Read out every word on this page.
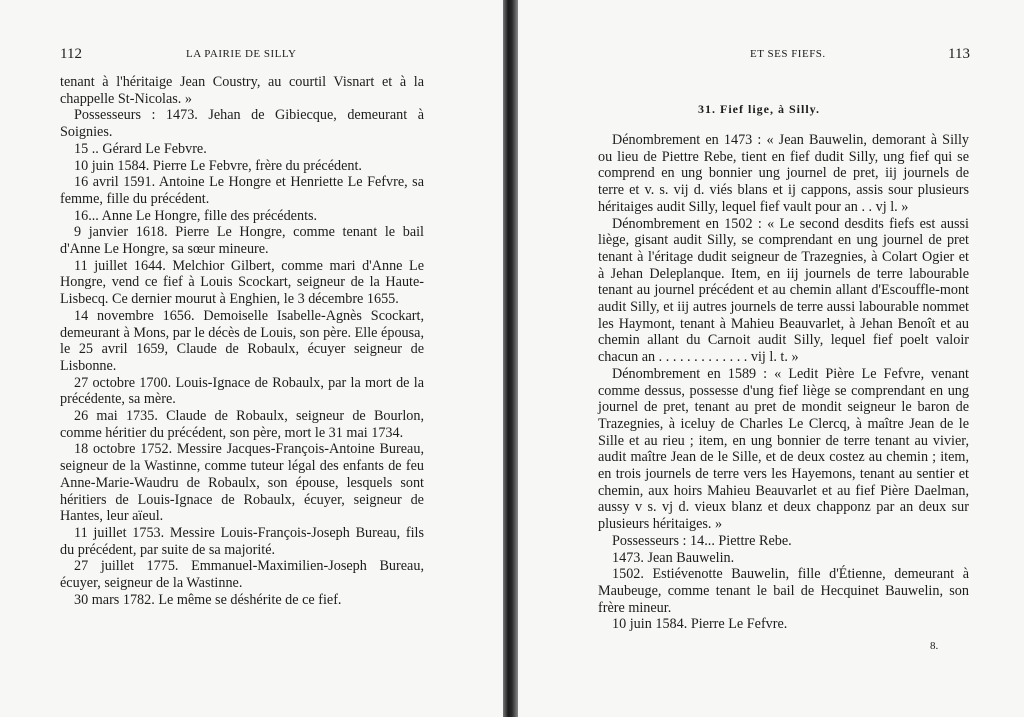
112	LA PAIRIE DE SILLY

tenant à l'héritaige Jean Coustry, au courtil Visnart et à la chappelle St-Nicolas. »

Possesseurs : 1473. Jehan de Gibiecque, demeurant à Soignies.

15 .. Gérard Le Febvre.

10 juin 1584. Pierre Le Febvre, frère du précédent.

16 avril 1591. Antoine Le Hongre et Henriette Le Fefvre, sa femme, fille du précédent.

16... Anne Le Hongre, fille des précédents.

9 janvier 1618. Pierre Le Hongre, comme tenant le bail d'Anne Le Hongre, sa sœur mineure.

11 juillet 1644. Melchior Gilbert, comme mari d'Anne Le Hongre, vend ce fief à Louis Scockart, seigneur de la Haute-Lisbecq. Ce dernier mourut à Enghien, le 3 décembre 1655.

14 novembre 1656. Demoiselle Isabelle-Agnès Scockart, demeurant à Mons, par le décès de Louis, son père. Elle épousa, le 25 avril 1659, Claude de Robaulx, écuyer seigneur de Lisbonne.

27 octobre 1700. Louis-Ignace de Robaulx, par la mort de la précédente, sa mère.

26 mai 1735. Claude de Robaulx, seigneur de Bourlon, comme héritier du précédent, son père, mort le 31 mai 1734.

18 octobre 1752. Messire Jacques-François-Antoine Bureau, seigneur de la Wastinne, comme tuteur légal des enfants de feu Anne-Marie-Waudru de Robaulx, son épouse, lesquels sont héritiers de Louis-Ignace de Robaulx, écuyer, seigneur de Hantes, leur aïeul.

11 juillet 1753. Messire Louis-François-Joseph Bureau, fils du précédent, par suite de sa majorité.

27 juillet 1775. Emmanuel-Maximilien-Joseph Bureau, écuyer, seigneur de la Wastinne.

30 mars 1782. Le même se déshérite de ce fief.

ET SES FIEFS.	113
31. Fief lige, à Silly.

Dénombrement en 1473 : « Jean Bauwelin, demorant à Silly ou lieu de Piettre Rebe, tient en fief dudit Silly, ung fief qui se comprend en ung bonnier ung journel de pret, iij journels de terre et v. s. vij d. viés blans et ij cappons, assis sour plusieurs héritaiges audit Silly, lequel fief vault pour an . . vj l. »

Dénombrement en 1502 : « Le second desdits fiefs est aussi liège, gisant audit Silly, se comprendant en ung journel de pret tenant à l'éritage dudit seigneur de Trazegnies, à Colart Ogier et à Jehan Deleplanque. Item, en iij journels de terre labourable tenant au journel précédent et au chemin allant d'Escouffle-mont audit Silly, et iij autres journels de terre aussi labourable nommet les Haymont, tenant à Mahieu Beauvarlet, à Jehan Benoît et au chemin allant du Carnoit audit Silly, lequel fief poelt valoir chacun an . . . . . . . . . . . . . vij l. t. »

Dénombrement en 1589 : « Ledit Pière Le Fefvre, venant comme dessus, possesse d'ung fief liège se comprendant en ung journel de pret, tenant au pret de mondit seigneur le baron de Trazegnies, à iceluy de Charles Le Clercq, à maître Jean de le Sille et au rieu ; item, en ung bonnier de terre tenant au vivier, audit maître Jean de le Sille, et de deux costez au chemin ; item, en trois journels de terre vers les Hayemons, tenant au sentier et chemin, aux hoirs Mahieu Beauvarlet et au fief Pière Daelman, aussy v s. vj d. vieux blanz et deux chapponz par an deux sur plusieurs héritaiges. »

Possesseurs : 14... Piettre Rebe.

1473. Jean Bauwelin.

1502. Estiévenotte Bauwelin, fille d'Étienne, demeurant à Maubeuge, comme tenant le bail de Hecquinet Bauwelin, son frère mineur.

10 juin 1584. Pierre Le Fefvre.

8.
